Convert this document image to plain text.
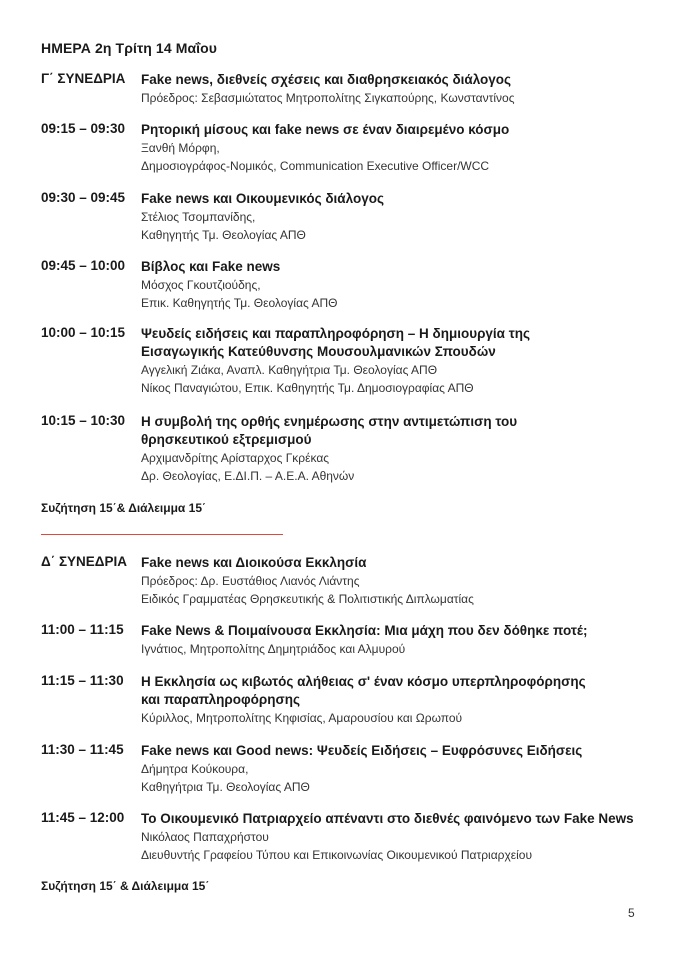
ΗΜΕΡΑ 2η Τρίτη 14 Μαΐου
Γ΄ ΣΥΝΕΔΡΙΑ	Fake news, διεθνείς σχέσεις και διαθρησκειακός διάλογος
Πρόεδρος: Σεβασμιώτατος Μητροπολίτης Σιγκαπούρης, Κωνσταντίνος
09:15 – 09:30	Ρητορική μίσους και fake news σε έναν διαιρεμένο κόσμο
Ξανθή Μόρφη,
Δημοσιογράφος-Νομικός, Communication Executive Officer/WCC
09:30 – 09:45	Fake news και Οικουμενικός διάλογος
Στέλιος Τσομπανίδης,
Καθηγητής Τμ. Θεολογίας ΑΠΘ
09:45 – 10:00	Βίβλος και Fake news
Μόσχος Γκουτζιούδης,
Επικ. Καθηγητής Τμ. Θεολογίας ΑΠΘ
10:00 – 10:15	Ψευδείς ειδήσεις και παραπληροφόρηση – Η δημιουργία της
Εισαγωγικής Κατεύθυνσης Μουσουλμανικών Σπουδών
Αγγελική Ζιάκα, Αναπλ. Καθηγήτρια Τμ. Θεολογίας ΑΠΘ
Νίκος Παναγιώτου, Επικ. Καθηγητής Τμ. Δημοσιογραφίας ΑΠΘ
10:15 – 10:30	Η συμβολή της ορθής ενημέρωσης στην αντιμετώπιση του
θρησκευτικού εξτρεμισμού
Αρχιμανδρίτης Αρίσταρχος Γκρέκας
Δρ. Θεολογίας, Ε.ΔΙ.Π. – Α.Ε.Α. Αθηνών
Συζήτηση 15΄& Διάλειμμα 15΄
Δ΄ ΣΥΝΕΔΡΙΑ	Fake news και Διοικούσα Εκκλησία
Πρόεδρος: Δρ. Ευστάθιος Λιανός Λιάντης
Ειδικός Γραμματέας Θρησκευτικής & Πολιτιστικής Διπλωματίας
11:00 – 11:15	Fake News & Ποιμαίνουσα Εκκλησία: Μια μάχη που δεν δόθηκε ποτέ;
Ιγνάτιος, Μητροπολίτης Δημητριάδος και Αλμυρού
11:15 – 11:30	Η Εκκλησία ως κιβωτός αλήθειας σ' έναν κόσμο υπερπληροφόρησης
και παραπληροφόρησης
Κύριλλος, Μητροπολίτης Κηφισίας, Αμαρουσίου και Ωρωπού
11:30 – 11:45	Fake news και Good news: Ψευδείς Ειδήσεις – Ευφρόσυνες Ειδήσεις
Δήμητρα Κούκουρα,
Καθηγήτρια Τμ. Θεολογίας ΑΠΘ
11:45 – 12:00	Το Οικουμενικό Πατριαρχείο απέναντι στο διεθνές φαινόμενο των Fake News
Νικόλαος Παπαχρήστου
Διευθυντής Γραφείου Τύπου και Επικοινωνίας Οικουμενικού Πατριαρχείου
Συζήτηση 15΄ & Διάλειμμα 15΄
5
